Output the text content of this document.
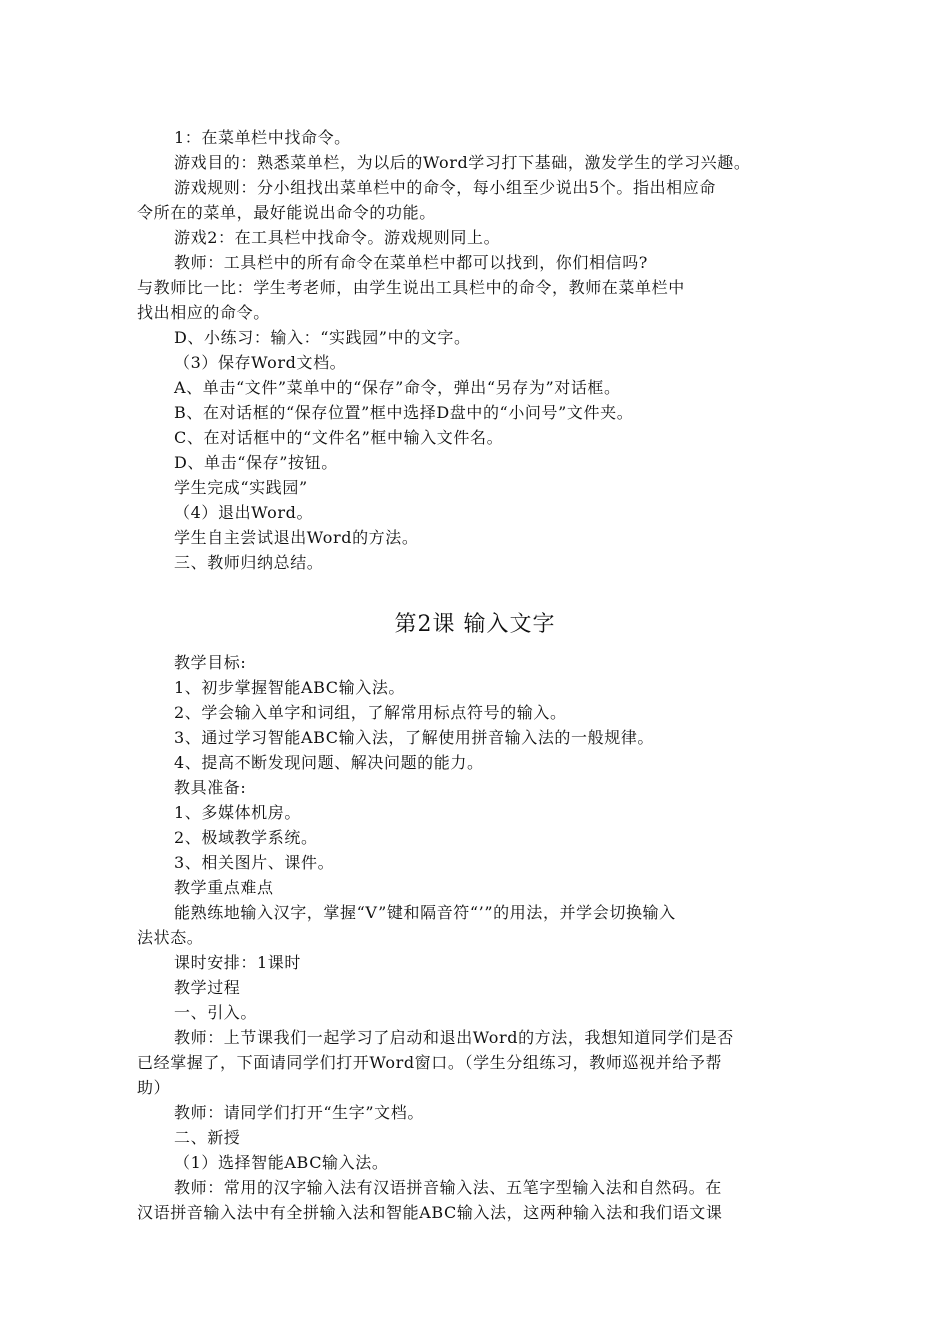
1：在菜单栏中找命令。
游戏目的：熟悉菜单栏，为以后的Word学习打下基础，激发学生的学习兴趣。
游戏规则：分小组找出菜单栏中的命令，每小组至少说出5个。指出相应命
令所在的菜单，最好能说出命令的功能。
游戏2：在工具栏中找命令。游戏规则同上。
教师：工具栏中的所有命令在菜单栏中都可以找到，你们相信吗?
与教师比一比：学生考老师，由学生说出工具栏中的命令，教师在菜单栏中
找出相应的命令。
D、小练习：输入：“实践园”中的文字。
（3）保存Word文档。
A、单击“文件”菜单中的“保存”命令，弹出“另存为”对话框。
B、在对话框的“保存位置”框中选择D盘中的“小问号”文件夹。
C、在对话框中的“文件名”框中输入文件名。
D、单击“保存”按钮。
学生完成“实践园”
（4）退出Word。
学生自主尝试退出Word的方法。
三、教师归纳总结。
第2课 输入文字
教学目标:
1、初步掌握智能ABC输入法。
2、学会输入单字和词组，了解常用标点符号的输入。
3、通过学习智能ABC输入法，了解使用拼音输入法的一般规律。
4、提高不断发现问题、解决问题的能力。
教具准备:
1、多媒体机房。
2、极域教学系统。
3、相关图片、课件。
教学重点难点
能熟练地输入汉字，掌握“V”键和隔音符“’”的用法，并学会切换输入
法状态。
课时安排：1课时
教学过程
一、引入。
教师：上节课我们一起学习了启动和退出Word的方法，我想知道同学们是否
已经掌握了，下面请同学们打开Word窗口。（学生分组练习，教师巡视并给予帮
助）
教师：请同学们打开“生字”文档。
二、新授
（1）选择智能ABC输入法。
教师：常用的汉字输入法有汉语拼音输入法、五笔字型输入法和自然码。在
汉语拼音输入法中有全拼输入法和智能ABC输入法，这两种输入法和我们语文课
